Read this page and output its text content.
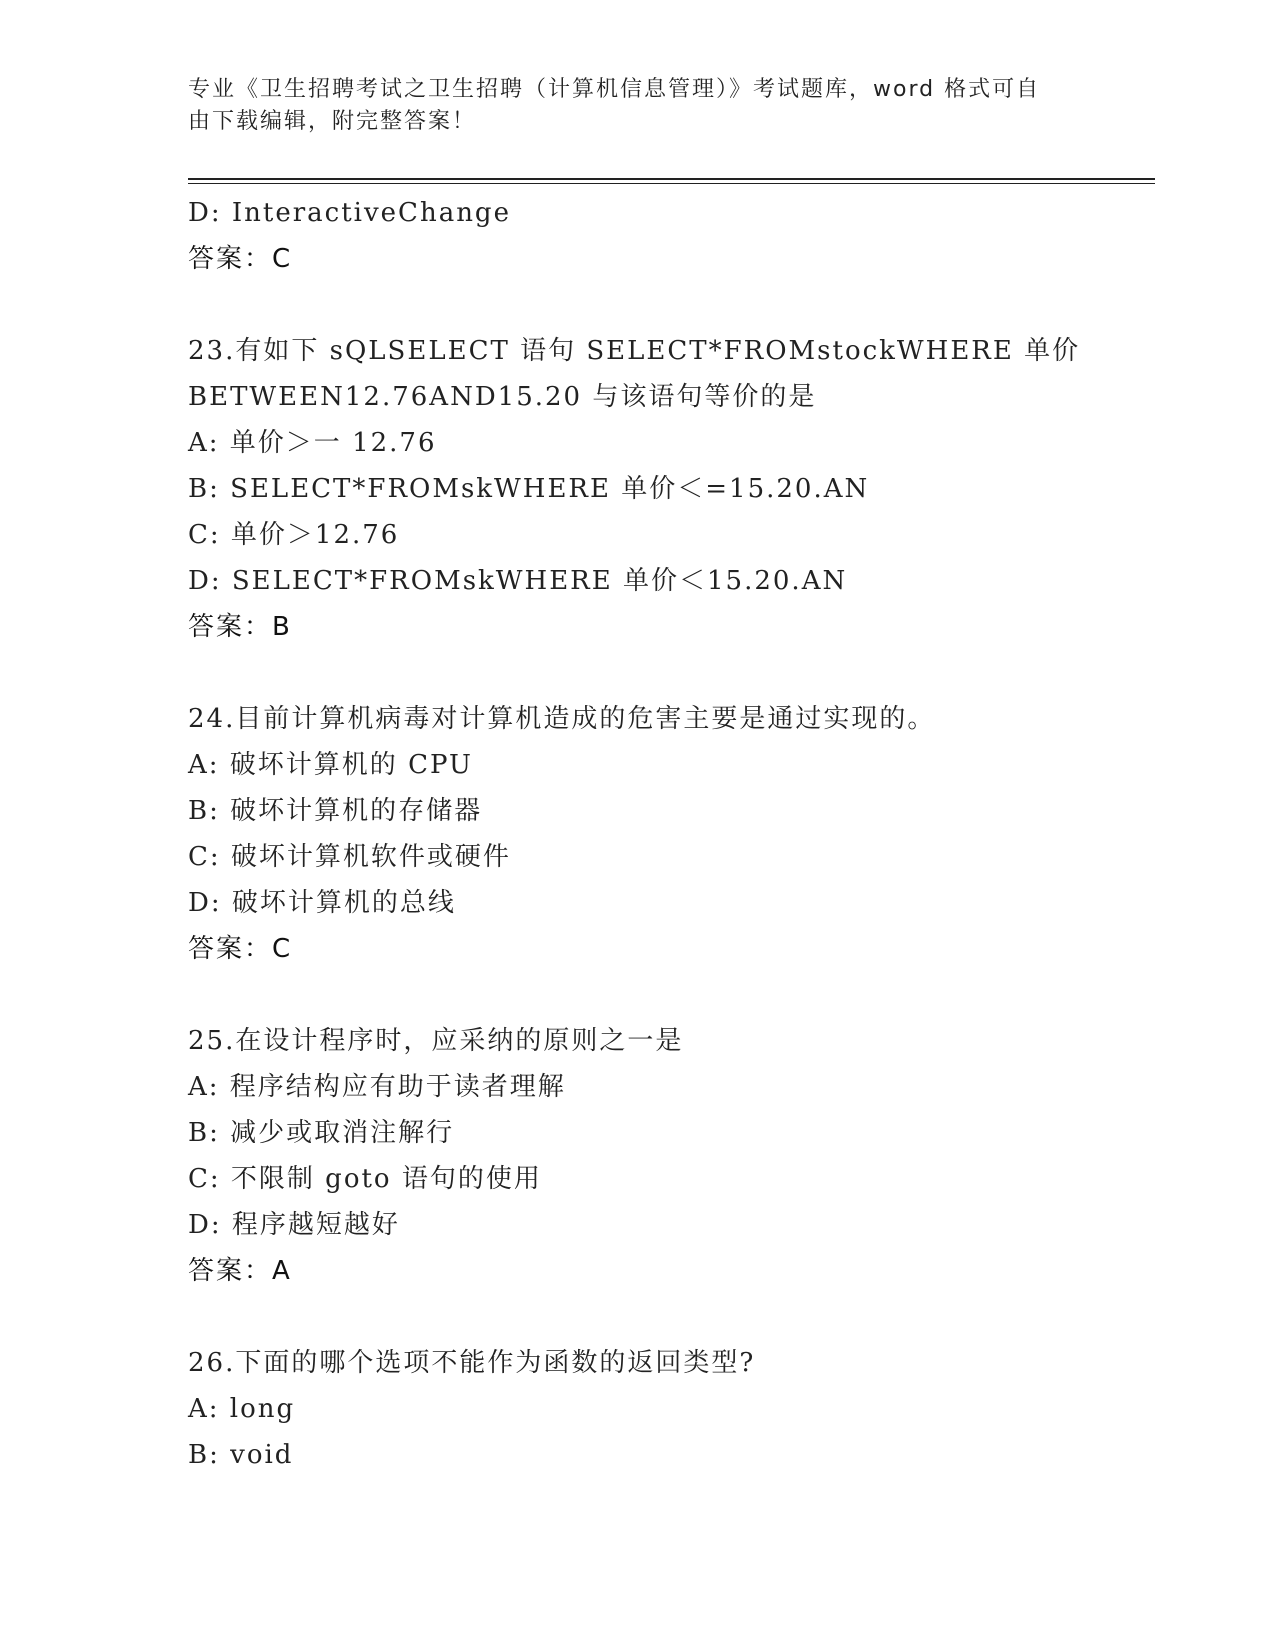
专业《卫生招聘考试之卫生招聘（计算机信息管理）》考试题库，word 格式可自
由下载编辑，附完整答案！
D: InteractiveChange
答案：C
23.有如下 sQLSELECT 语句 SELECT*FROMstockWHERE 单价
BETWEEN12.76AND15.20 与该语句等价的是
A: 单价＞一 12.76
B: SELECT*FROMskWHERE 单价＜=15.20.AN
C: 单价＞12.76
D: SELECT*FROMskWHERE 单价＜15.20.AN
答案：B
24.目前计算机病毒对计算机造成的危害主要是通过实现的。
A: 破坏计算机的 CPU
B: 破坏计算机的存储器
C: 破坏计算机软件或硬件
D: 破坏计算机的总线
答案：C
25.在设计程序时，应采纳的原则之一是
A: 程序结构应有助于读者理解
B: 减少或取消注解行
C: 不限制 goto 语句的使用
D: 程序越短越好
答案：A
26.下面的哪个选项不能作为函数的返回类型?
A: long
B: void
